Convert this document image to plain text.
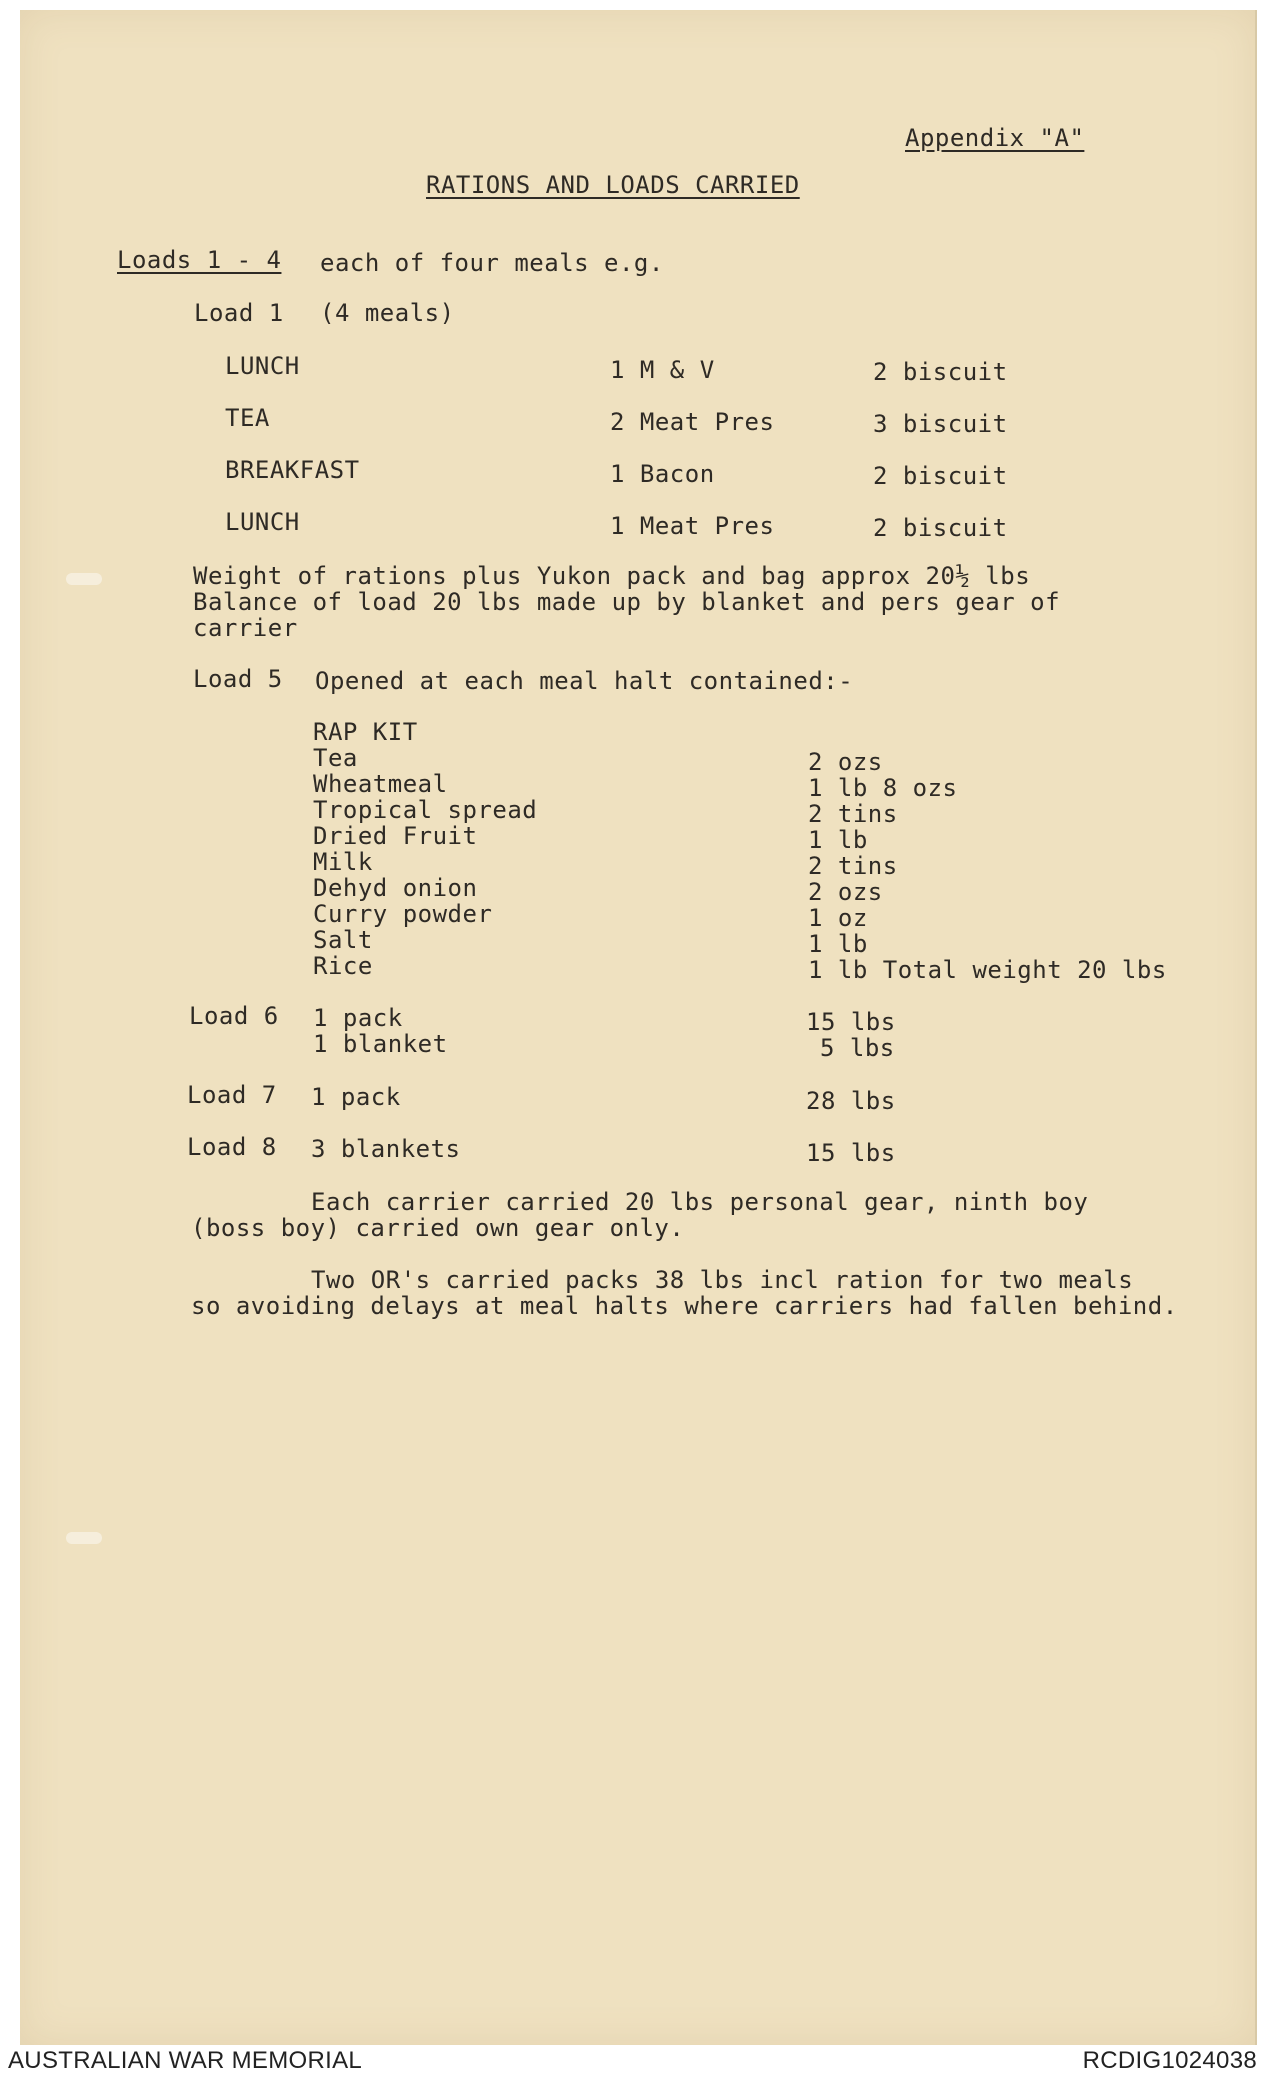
Appendix "A"
RATIONS AND LOADS CARRIED
Loads 1 - 4 each of four meals e.g.
Load 1 (4 meals)
LUNCH	1 M & V	2 biscuit
TEA	2 Meat Pres	3 biscuit
BREAKFAST	1 Bacon	2 biscuit
LUNCH	1 Meat Pres	2 biscuit
Weight of rations plus Yukon pack and bag approx 20½ lbs
Balance of load 20 lbs made up by blanket and pers gear of
carrier
Load 5 Opened at each meal halt contained:-
RAP KIT
Tea	2 ozs
Wheatmeal	1 lb 8 ozs
Tropical spread	2 tins
Dried Fruit	1 lb
Milk	2 tins
Dehyd onion	2 ozs
Curry powder	1 oz
Salt	1 lb
Rice	1 lb Total weight 20 lbs
Load 6 1 pack	15 lbs
1 blanket	5 lbs
Load 7 1 pack	28 lbs
Load 8 3 blankets	15 lbs
Each carrier carried 20 lbs personal gear, ninth boy
(boss boy) carried own gear only.
Two OR's carried packs 38 lbs incl ration for two meals
so avoiding delays at meal halts where carriers had fallen behind.
AUSTRALIAN WAR MEMORIAL	RCDIG1024038
